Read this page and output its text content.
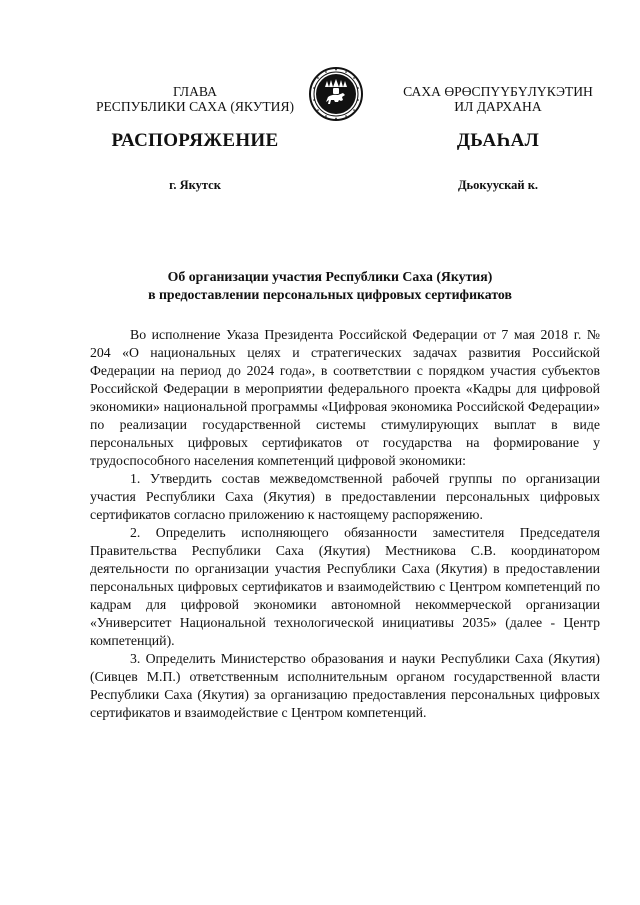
ГЛАВА
РЕСПУБЛИКИ САХА (ЯКУТИЯ)
САХА ӨРӨСПҮҮБҮЛҮКЭТИН
ИЛ ДАРХАНА
РАСПОРЯЖЕНИЕ	ДЬАҺАЛ
г. Якутск	Дьокуускай к.
Об организации участия Республики Саха (Якутия)
в предоставлении персональных цифровых сертификатов

Во исполнение Указа Президента Российской Федерации от 7 мая 2018 г. № 204 «О национальных целях и стратегических задачах развития Российской Федерации на период до 2024 года», в соответствии с порядком участия субъектов Российской Федерации в мероприятии федерального проекта «Кадры для цифровой экономики» национальной программы «Цифровая экономика Российской Федерации» по реализации государственной системы стимулирующих выплат в виде персональных цифровых сертификатов от государства на формирование у трудоспособного населения компетенций цифровой экономики:

1. Утвердить состав межведомственной рабочей группы по организации участия Республики Саха (Якутия) в предоставлении персональных цифровых сертификатов согласно приложению к настоящему распоряжению.

2. Определить исполняющего обязанности заместителя Председателя Правительства Республики Саха (Якутия) Местникова С.В. координатором деятельности по организации участия Республики Саха (Якутия) в предоставлении персональных цифровых сертификатов и взаимодействию с Центром компетенций по кадрам для цифровой экономики автономной некоммерческой организации «Университет Национальной технологической инициативы 2035» (далее - Центр компетенций).

3. Определить Министерство образования и науки Республики Саха (Якутия) (Сивцев М.П.) ответственным исполнительным органом государственной власти Республики Саха (Якутия) за организацию предоставления персональных цифровых сертификатов и взаимодействие с Центром компетенций.
